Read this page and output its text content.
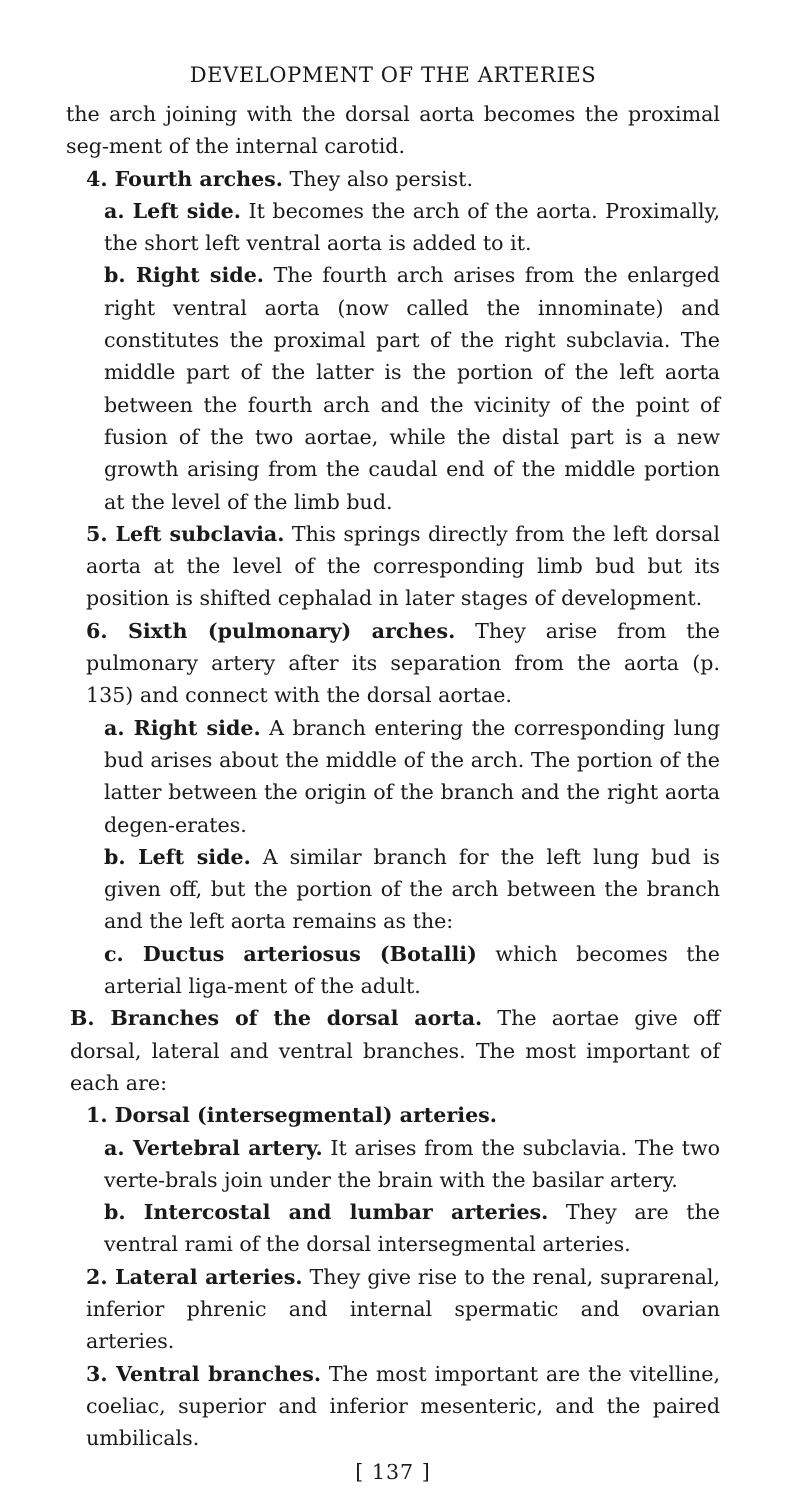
DEVELOPMENT OF THE ARTERIES

the arch joining with the dorsal aorta becomes the proximal seg-ment of the internal carotid.

4. Fourth arches. They also persist.

a. Left side. It becomes the arch of the aorta. Proximally, the short left ventral aorta is added to it.

b. Right side. The fourth arch arises from the enlarged right ventral aorta (now called the innominate) and constitutes the proximal part of the right subclavia. The middle part of the latter is the portion of the left aorta between the fourth arch and the vicinity of the point of fusion of the two aortae, while the distal part is a new growth arising from the caudal end of the middle portion at the level of the limb bud.

5. Left subclavia. This springs directly from the left dorsal aorta at the level of the corresponding limb bud but its position is shifted cephalad in later stages of development.

6. Sixth (pulmonary) arches. They arise from the pulmonary artery after its separation from the aorta (p. 135) and connect with the dorsal aortae.

a. Right side. A branch entering the corresponding lung bud arises about the middle of the arch. The portion of the latter between the origin of the branch and the right aorta degen-erates.

b. Left side. A similar branch for the left lung bud is given off, but the portion of the arch between the branch and the left aorta remains as the:

c. Ductus arteriosus (Botalli) which becomes the arterial liga-ment of the adult.

B. Branches of the dorsal aorta. The aortae give off dorsal, lateral and ventral branches. The most important of each are:

1. Dorsal (intersegmental) arteries.

a. Vertebral artery. It arises from the subclavia. The two verte-brals join under the brain with the basilar artery.

b. Intercostal and lumbar arteries. They are the ventral rami of the dorsal intersegmental arteries.

2. Lateral arteries. They give rise to the renal, suprarenal, inferior phrenic and internal spermatic and ovarian arteries.

3. Ventral branches. The most important are the vitelline, coeliac, superior and inferior mesenteric, and the paired umbilicals.

[ 137 ]
